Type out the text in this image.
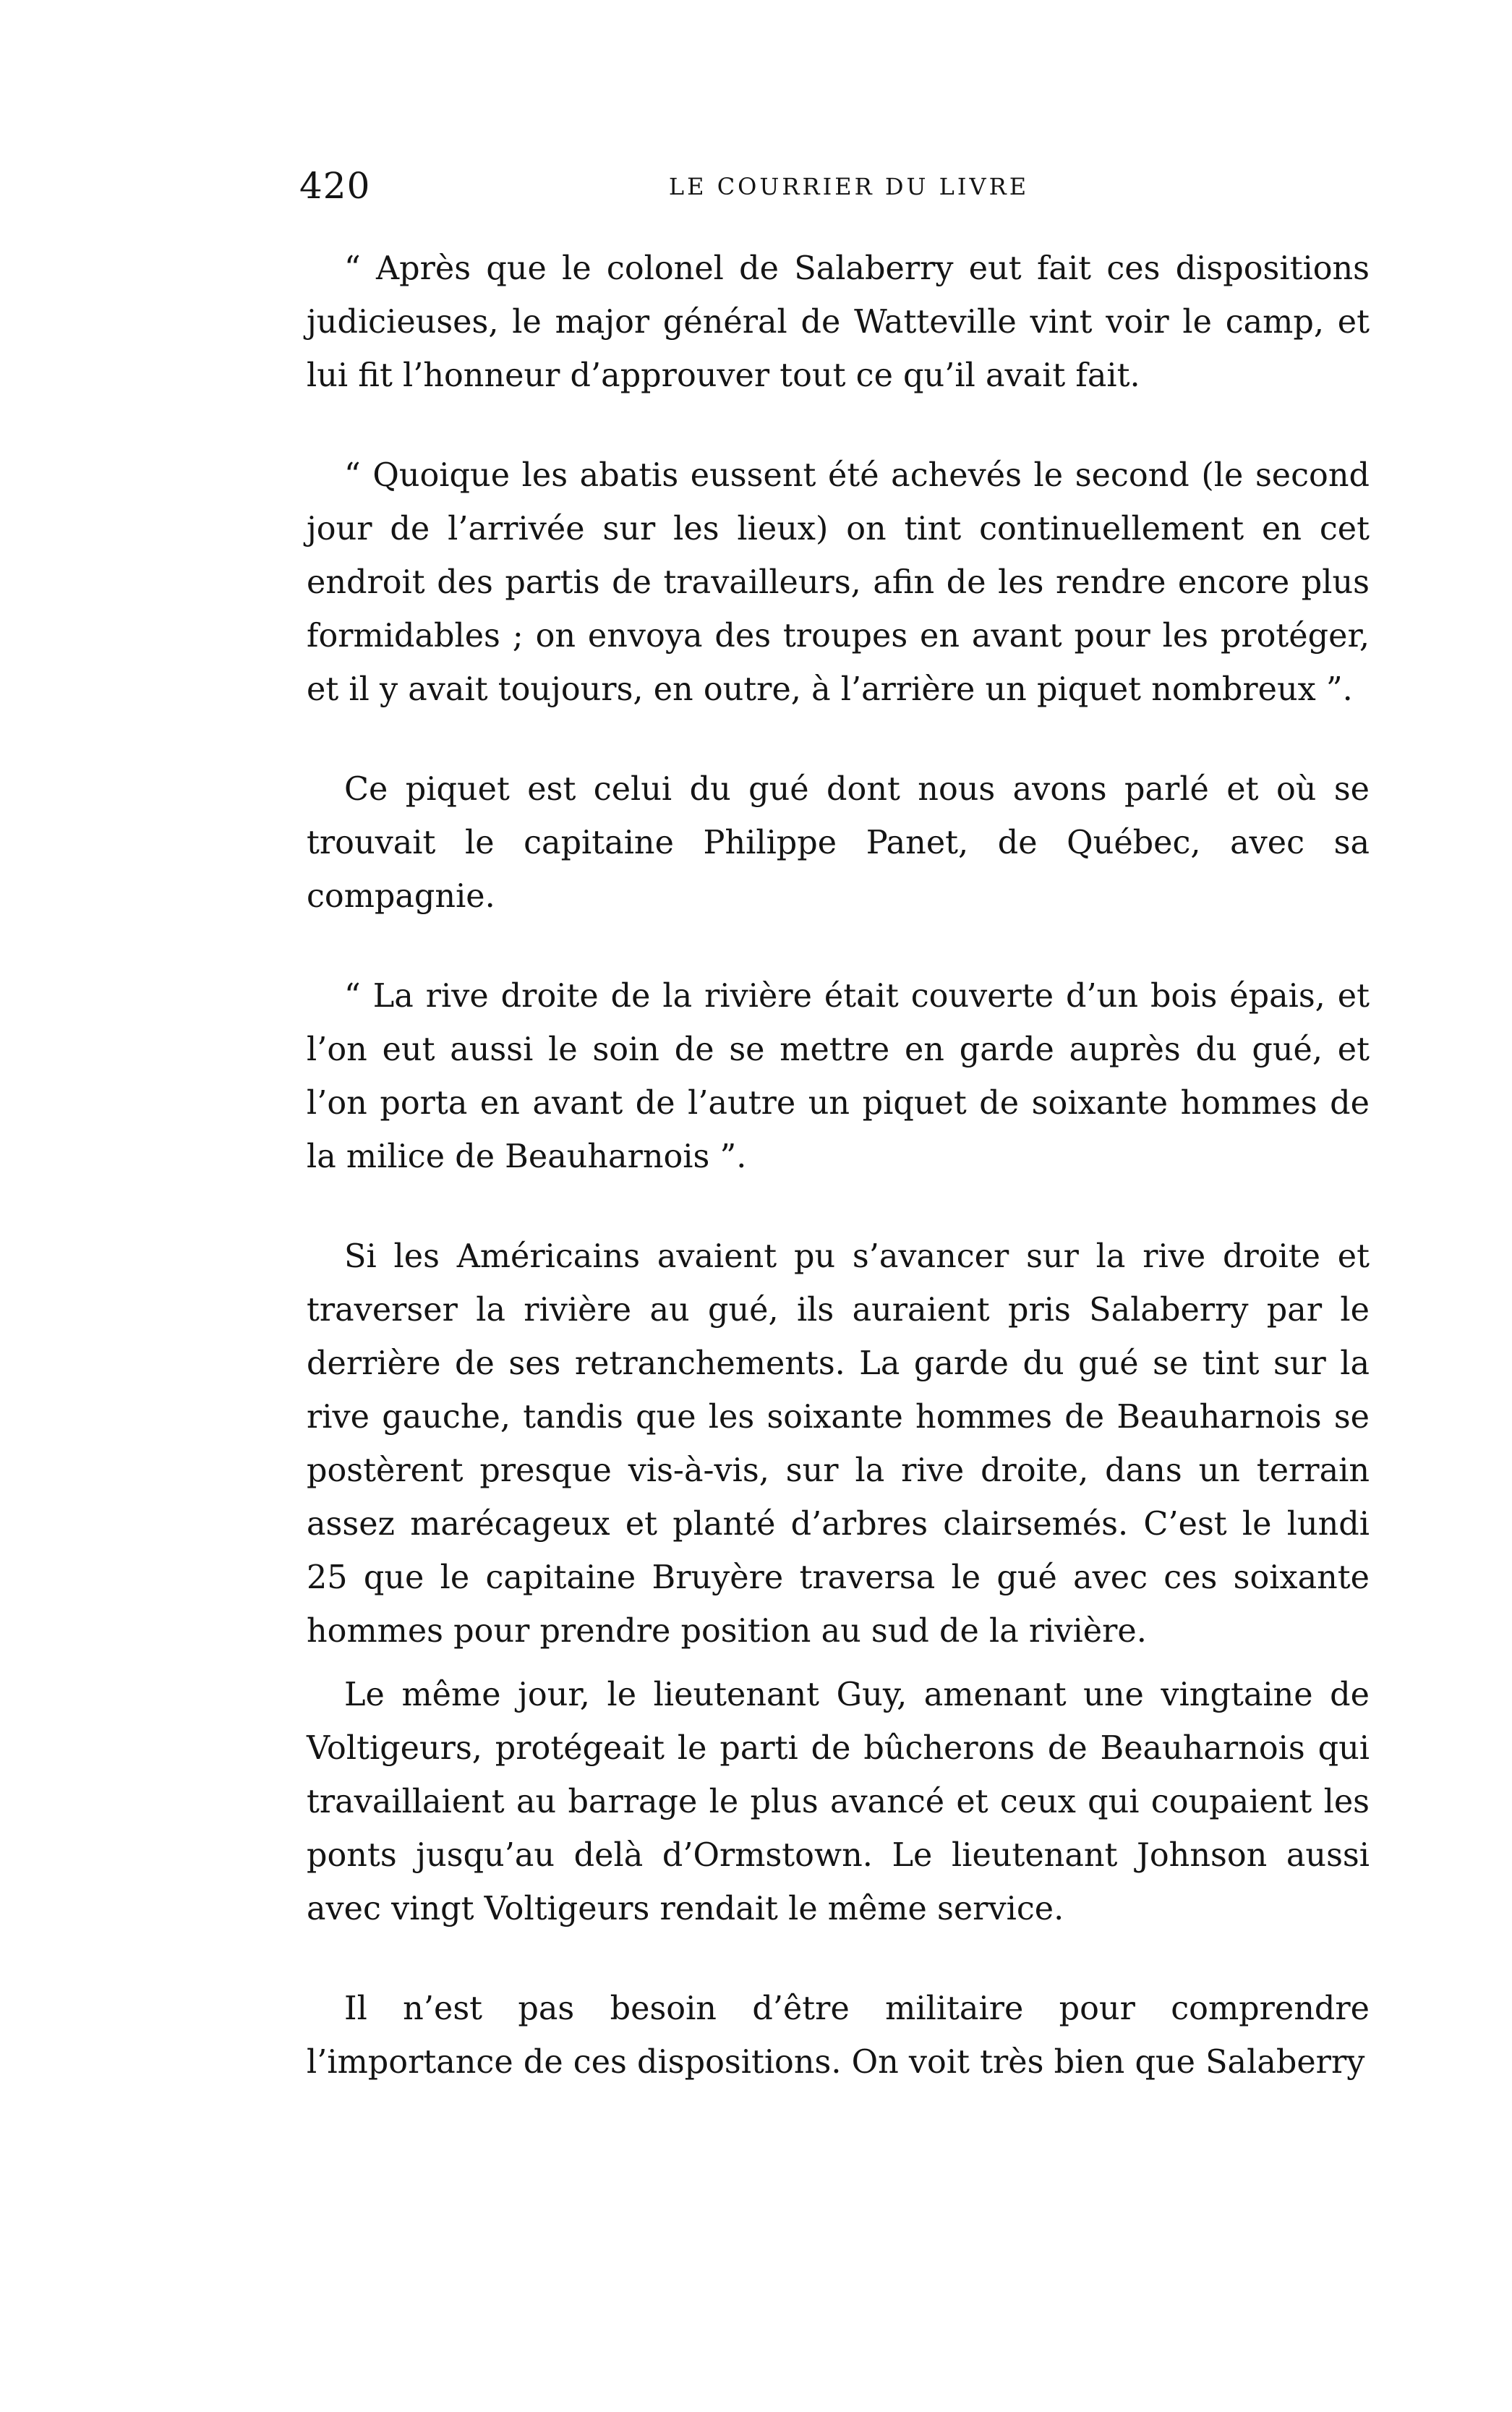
420	LE COURRIER DU LIVRE

“ Après que le colonel de Salaberry eut fait ces dispositions judicieuses, le major général de Watteville vint voir le camp, et lui fit l’honneur d’approuver tout ce qu’il avait fait.

“ Quoique les abatis eussent été achevés le second (le second jour de l’arrivée sur les lieux) on tint continuellement en cet endroit des partis de travailleurs, afin de les rendre encore plus formidables ; on envoya des troupes en avant pour les protéger, et il y avait toujours, en outre, à l’arrière un piquet nombreux ”.

Ce piquet est celui du gué dont nous avons parlé et où se trouvait le capitaine Philippe Panet, de Québec, avec sa compagnie.

“ La rive droite de la rivière était couverte d’un bois épais, et l’on eut aussi le soin de se mettre en garde auprès du gué, et l’on porta en avant de l’autre un piquet de soixante hommes de la milice de Beauharnois ”.

Si les Américains avaient pu s’avancer sur la rive droite et traverser la rivière au gué, ils auraient pris Salaberry par le derrière de ses retranchements. La garde du gué se tint sur la rive gauche, tandis que les soixante hommes de Beauharnois se postèrent presque vis-à-vis, sur la rive droite, dans un terrain assez marécageux et planté d’arbres clairsemés. C’est le lundi 25 que le capitaine Bruyère traversa le gué avec ces soixante hommes pour prendre position au sud de la rivière.

Le même jour, le lieutenant Guy, amenant une vingtaine de Voltigeurs, protégeait le parti de bûcherons de Beauharnois qui travaillaient au barrage le plus avancé et ceux qui coupaient les ponts jusqu’au delà d’Ormstown. Le lieutenant Johnson aussi avec vingt Voltigeurs rendait le même service.

Il n’est pas besoin d’être militaire pour comprendre l’importance de ces dispositions. On voit très bien que Salaberry
